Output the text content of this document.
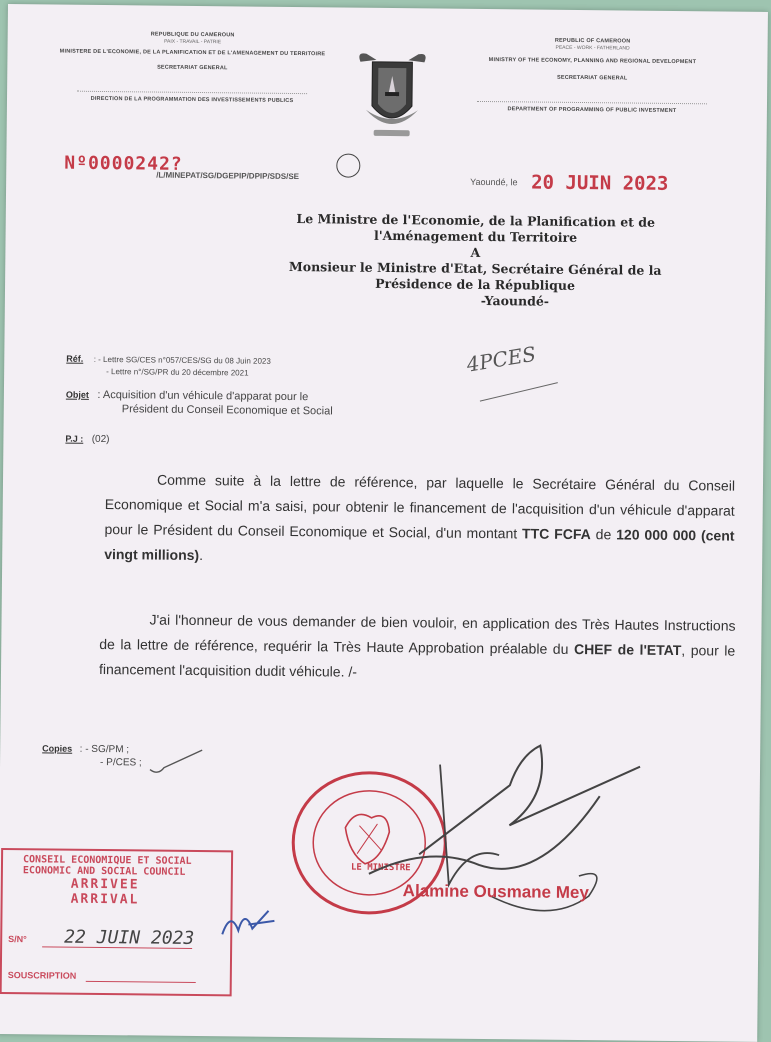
REPUBLIQUE DU CAMEROUN
PAIX - TRAVAIL - PATRIE
MINISTERE DE L'ECONOMIE, DE LA PLANIFICATION ET DE L'AMENAGEMENT DU TERRITOIRE
SECRETARIAT GENERAL
DIRECTION DE LA PROGRAMMATION DES INVESTISSEMENTS PUBLICS
REPUBLIC OF CAMEROON
PEACE - WORK - FATHERLAND
MINISTRY OF THE ECONOMY, PLANNING AND REGIONAL DEVELOPMENT
SECRETARIAT GENERAL
DEPARTMENT OF PROGRAMMING OF PUBLIC INVESTMENT
Nº0000242?
/L/MINEPAT/SG/DGEPIP/DPIP/SDS/SE
Yaoundé, le 20 JUIN 2023
Le Ministre de l'Economie, de la Planification et de
l'Aménagement du Territoire
A
Monsieur le Ministre d'Etat, Secrétaire Général de la
Présidence de la République
-Yaoundé-
4PCES
Réf. : - Lettre SG/CES n°057/CES/SG du 08 Juin 2023
- Lettre n°/SG/PR du 20 décembre 2021
Objet : Acquisition d'un véhicule d'apparat pour le
Président du Conseil Economique et Social
P.J : (02)
Comme suite à la lettre de référence, par laquelle le Secrétaire Général du Conseil Economique et Social m'a saisi, pour obtenir le financement de l'acquisition d'un véhicule d'apparat pour le Président du Conseil Economique et Social, d'un montant TTC FCFA de 120 000 000 (cent vingt millions).
J'ai l'honneur de vous demander de bien vouloir, en application des Très Hautes Instructions de la lettre de référence, requérir la Très Haute Approbation préalable du CHEF de l'ETAT, pour le financement l'acquisition dudit véhicule. /-
Copies : - SG/PM ;
- P/CES ;
LE MINISTRE
Alamine Ousmane Mey
CONSEIL ECONOMIQUE ET SOCIAL
ECONOMIC AND SOCIAL COUNCIL
ARRIVEE
ARRIVAL
S/N° 22 JUIN 2023
SOUSCRIPTION
